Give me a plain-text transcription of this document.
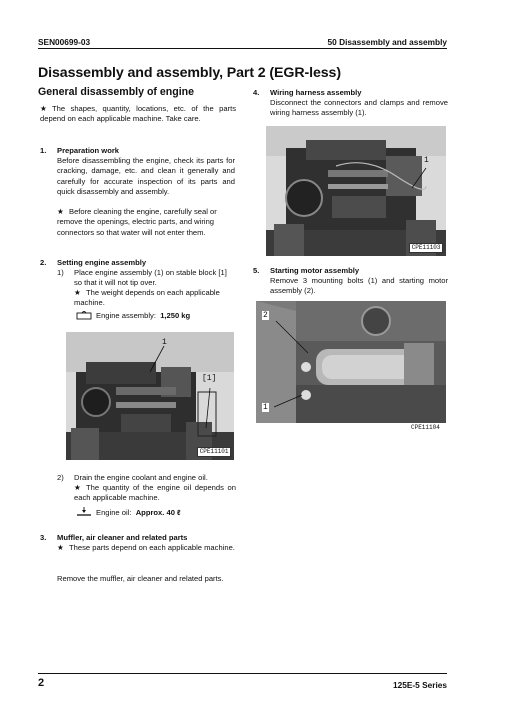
SEN00699-03	50 Disassembly and assembly
Disassembly and assembly, Part 2 (EGR-less)
General disassembly of engine
★ The shapes, quantity, locations, etc. of the parts depend on each applicable machine. Take care.
1. Preparation work
Before disassembling the engine, check its parts for cracking, damage, etc. and clean it generally and carefully for accurate inspection of its parts and quick disassembly and assembly.
★ Before cleaning the engine, carefully seal or remove the openings, electric parts, and wiring connectors so that water will not enter them.
2. Setting engine assembly
1) Place engine assembly (1) on stable block [1] so that it will not tip over.
★ The weight depends on each applicable machine.
Engine assembly: 1,250 kg
1
[1]
CPE11101
2) Drain the engine coolant and engine oil.
★ The quantity of the engine oil depends on each applicable machine.
Engine oil: Approx. 40 ℓ
3. Muffler, air cleaner and related parts
★ These parts depend on each applicable machine.
Remove the muffler, air cleaner and related parts.
4. Wiring harness assembly
Disconnect the connectors and clamps and remove wiring harness assembly (1).
1
CPE11103
5. Starting motor assembly
Remove 3 mounting bolts (1) and starting motor assembly (2).
2
1
CPE11104
2	125E-5 Series
